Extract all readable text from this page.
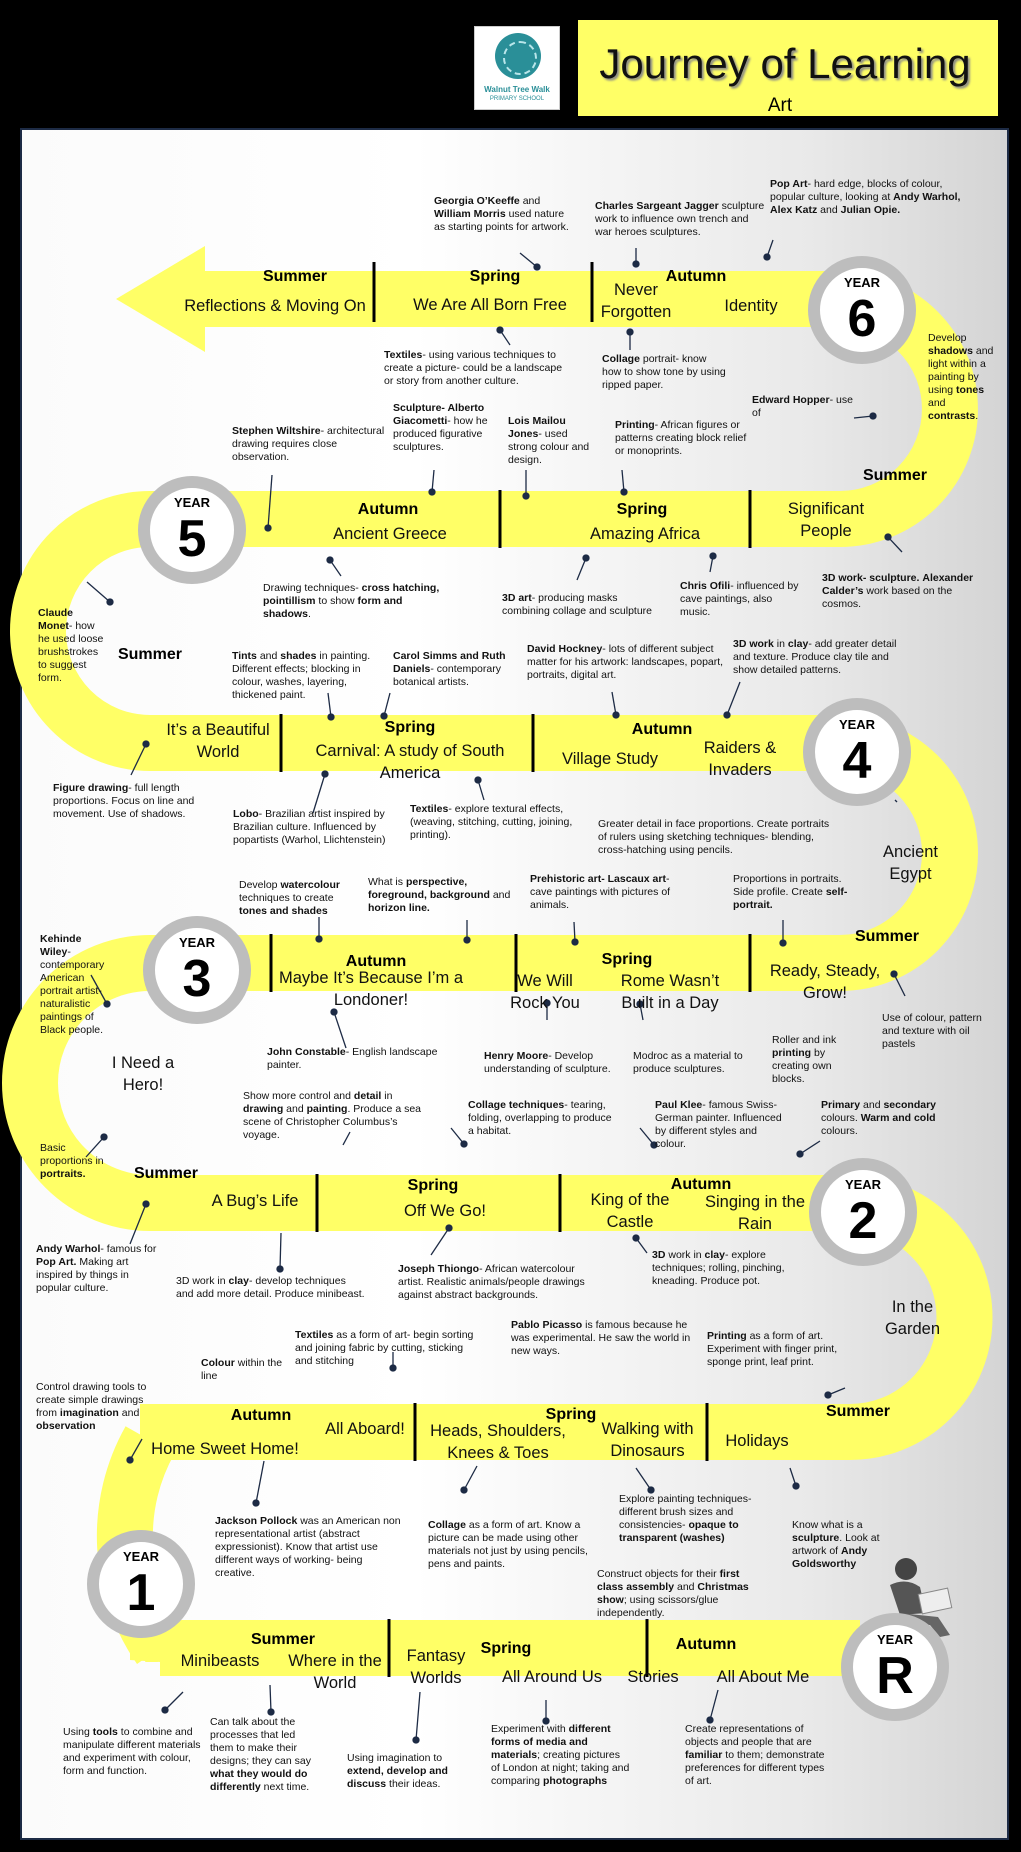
Walnut Tree Walk
PRIMARY SCHOOL
Journey of Learning
Art
YEAR
6
YEAR
5
YEAR
4
YEAR
3
YEAR
2
YEAR
1
YEAR
R
Summer	Spring	Autumn
Summer
Autumn	Spring
Summer
Spring	Autumn
Summer
Autumn	Spring
Summer
Spring	Autumn
Summer
Autumn	Spring
Summer
Spring	Autumn
Reflections & Moving On	We Are All Born Free
Never Forgotten	Identity
Significant People
Ancient Greece	Amazing Africa
It’s a Beautiful World	Carnival: A study of South America
Village Study
Raiders & Invaders
Ancient Egypt
Maybe It’s Because I’m a Londoner!
We Will Rock You
Rome Wasn’t Built in a Day
Ready, Steady, Grow!
I Need a Hero!
A Bug’s Life
Off We Go!
King of the Castle
Singing in the Rain
In the Garden
Home Sweet Home!
All Aboard!	Heads, Shoulders, Knees & Toes
Walking with Dinosaurs
Holidays
Minibeasts	Where in the World
Fantasy Worlds	All Around Us	Stories	All About Me
Georgia O’Keeffe and William Morris used nature as starting points for artwork.
Charles Sargeant Jagger sculpture work to influence own trench and war heroes sculptures.
Pop Art- hard edge, blocks of colour, popular culture, looking at Andy Warhol, Alex Katz and Julian Opie.
Develop shadows and light within a painting by using tones and contrasts.
Textiles- using various techniques to create a picture- could be a landscape or story from another culture.
Collage portrait- know how to show tone by using ripped paper.
Edward Hopper- use of
Stephen Wiltshire- architectural drawing requires close observation.
Sculpture- Alberto Giacometti- how he produced figurative sculptures.
Lois Mailou Jones- used strong colour and design.
Printing- African figures or patterns creating block relief or monoprints.
Drawing techniques- cross hatching, pointillism to show form and shadows.
3D art- producing masks combining collage and sculpture
Chris Ofili- influenced by cave paintings, also music.
3D work- sculpture. Alexander Calder’s work based on the cosmos.
Claude Monet- how he used loose brushstrokes to suggest form.
Tints and shades in painting. Different effects; blocking in colour, washes, layering, thickened paint.
Carol Simms and Ruth Daniels- contemporary botanical artists.
David Hockney- lots of different subject matter for his artwork: landscapes, popart, portraits, digital art.
3D work in clay- add greater detail and texture. Produce clay tile and show detailed patterns.
Figure drawing- full length proportions. Focus on line and movement. Use of shadows.	Lobo- Brazilian artist inspired by Brazilian culture. Influenced by popartists (Warhol, Llichtenstein)
Textiles- explore textural effects, (weaving, stitching, cutting, joining, printing).
Greater detail in face proportions. Create portraits of rulers using sketching techniques- blending, cross-hatching using pencils.
Kehinde Wiley- contemporary American portrait artist- naturalistic paintings of Black people.
Develop watercolour techniques to create tones and shades
What is perspective, foreground, background and horizon line.
Prehistoric art- Lascaux art- cave paintings with pictures of animals.
Proportions in portraits. Side profile. Create self-portrait.
John Constable- English landscape painter.
Henry Moore- Develop understanding of sculpture.
Modroc as a material to produce sculptures.
Roller and ink printing by creating own blocks.
Use of colour, pattern and texture with oil pastels
Basic proportions in portraits.
Show more control and detail in drawing and painting. Produce a sea scene of Christopher Columbus’s voyage.
Collage techniques- tearing, folding, overlapping to produce a habitat.
Paul Klee- famous Swiss-German painter. Influenced by different styles and colour.
Primary and secondary colours. Warm and cold colours.
Andy Warhol- famous for Pop Art. Making art inspired by things in popular culture.
3D work in clay- develop techniques and add more detail. Produce minibeast.
Joseph Thiongo- African watercolour artist. Realistic animals/people drawings against abstract backgrounds.
3D work in clay- explore techniques; rolling, pinching, kneading. Produce pot.
Textiles as a form of art- begin sorting and joining fabric by cutting, sticking and stitching
Pablo Picasso is famous because he was experimental. He saw the world in new ways.
Printing as a form of art. Experiment with finger print, sponge print, leaf print.
Control drawing tools to create simple drawings from imagination and observation
Colour within the line
Jackson Pollock was an American non representational artist (abstract expressionist). Know that artist use different ways of working- being creative.
Collage as a form of art. Know a picture can be made using other materials not just by using pencils, pens and paints.
Explore painting techniques- different brush sizes and consistencies- opaque to transparent (washes)
Know what is a sculpture. Look at artwork of Andy Goldsworthy
Construct objects for their first class assembly and Christmas show; using scissors/glue independently.
Using tools to combine and manipulate different materials and experiment with colour, form and function.
Can talk about the processes that led them to make their designs; they can say what they would do differently next time.
Using imagination to extend, develop and discuss their ideas.
Experiment with different forms of media and materials; creating pictures of London at night; taking and comparing photographs
Create representations of objects and people that are familiar to them; demonstrate preferences for different types of art.
